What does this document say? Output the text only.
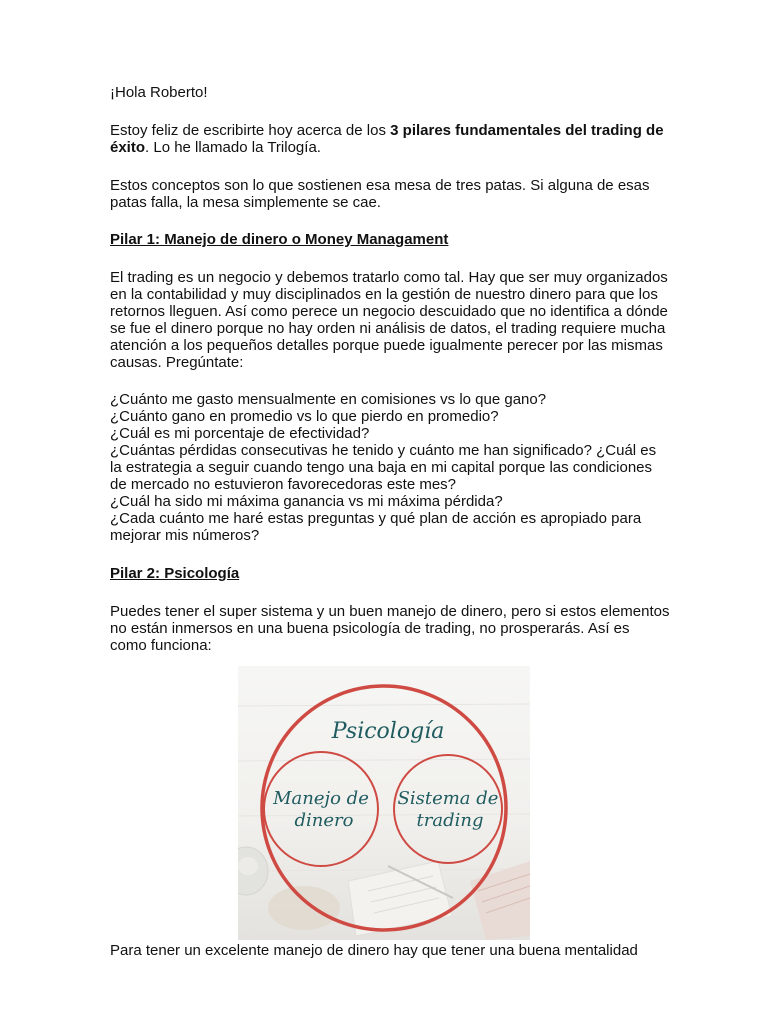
¡Hola Roberto!

Estoy feliz de escribirte hoy acerca de los 3 pilares fundamentales del trading de éxito. Lo he llamado la Trilogía.

Estos conceptos son lo que sostienen esa mesa de tres patas. Si alguna de esas patas falla, la mesa simplemente se cae.

Pilar 1: Manejo de dinero o Money Managament

El trading es un negocio y debemos tratarlo como tal. Hay que ser muy organizados en la contabilidad y muy disciplinados en la gestión de nuestro dinero para que los retornos lleguen. Así como perece un negocio descuidado que no identifica a dónde se fue el dinero porque no hay orden ni análisis de datos, el trading requiere mucha atención a los pequeños detalles porque puede igualmente perecer por las mismas causas. Pregúntate:

¿Cuánto me gasto mensualmente en comisiones vs lo que gano?

¿Cuánto gano en promedio vs lo que pierdo en promedio?

¿Cuál es mi porcentaje de efectividad?

¿Cuántas pérdidas consecutivas he tenido y cuánto me han significado? ¿Cuál es la estrategia a seguir cuando tengo una baja en mi capital porque las condiciones de mercado no estuvieron favorecedoras este mes?

¿Cuál ha sido mi máxima ganancia vs mi máxima pérdida?

¿Cada cuánto me haré estas preguntas y qué plan de acción es apropiado para mejorar mis números?

Pilar 2: Psicología

Puedes tener el super sistema y un buen manejo de dinero, pero si estos elementos no están inmersos en una buena psicología de trading, no prosperarás. Así es como funciona:

Psicología
Manejo de
dinero
Sistema de
trading

Para tener un excelente manejo de dinero hay que tener una buena mentalidad
